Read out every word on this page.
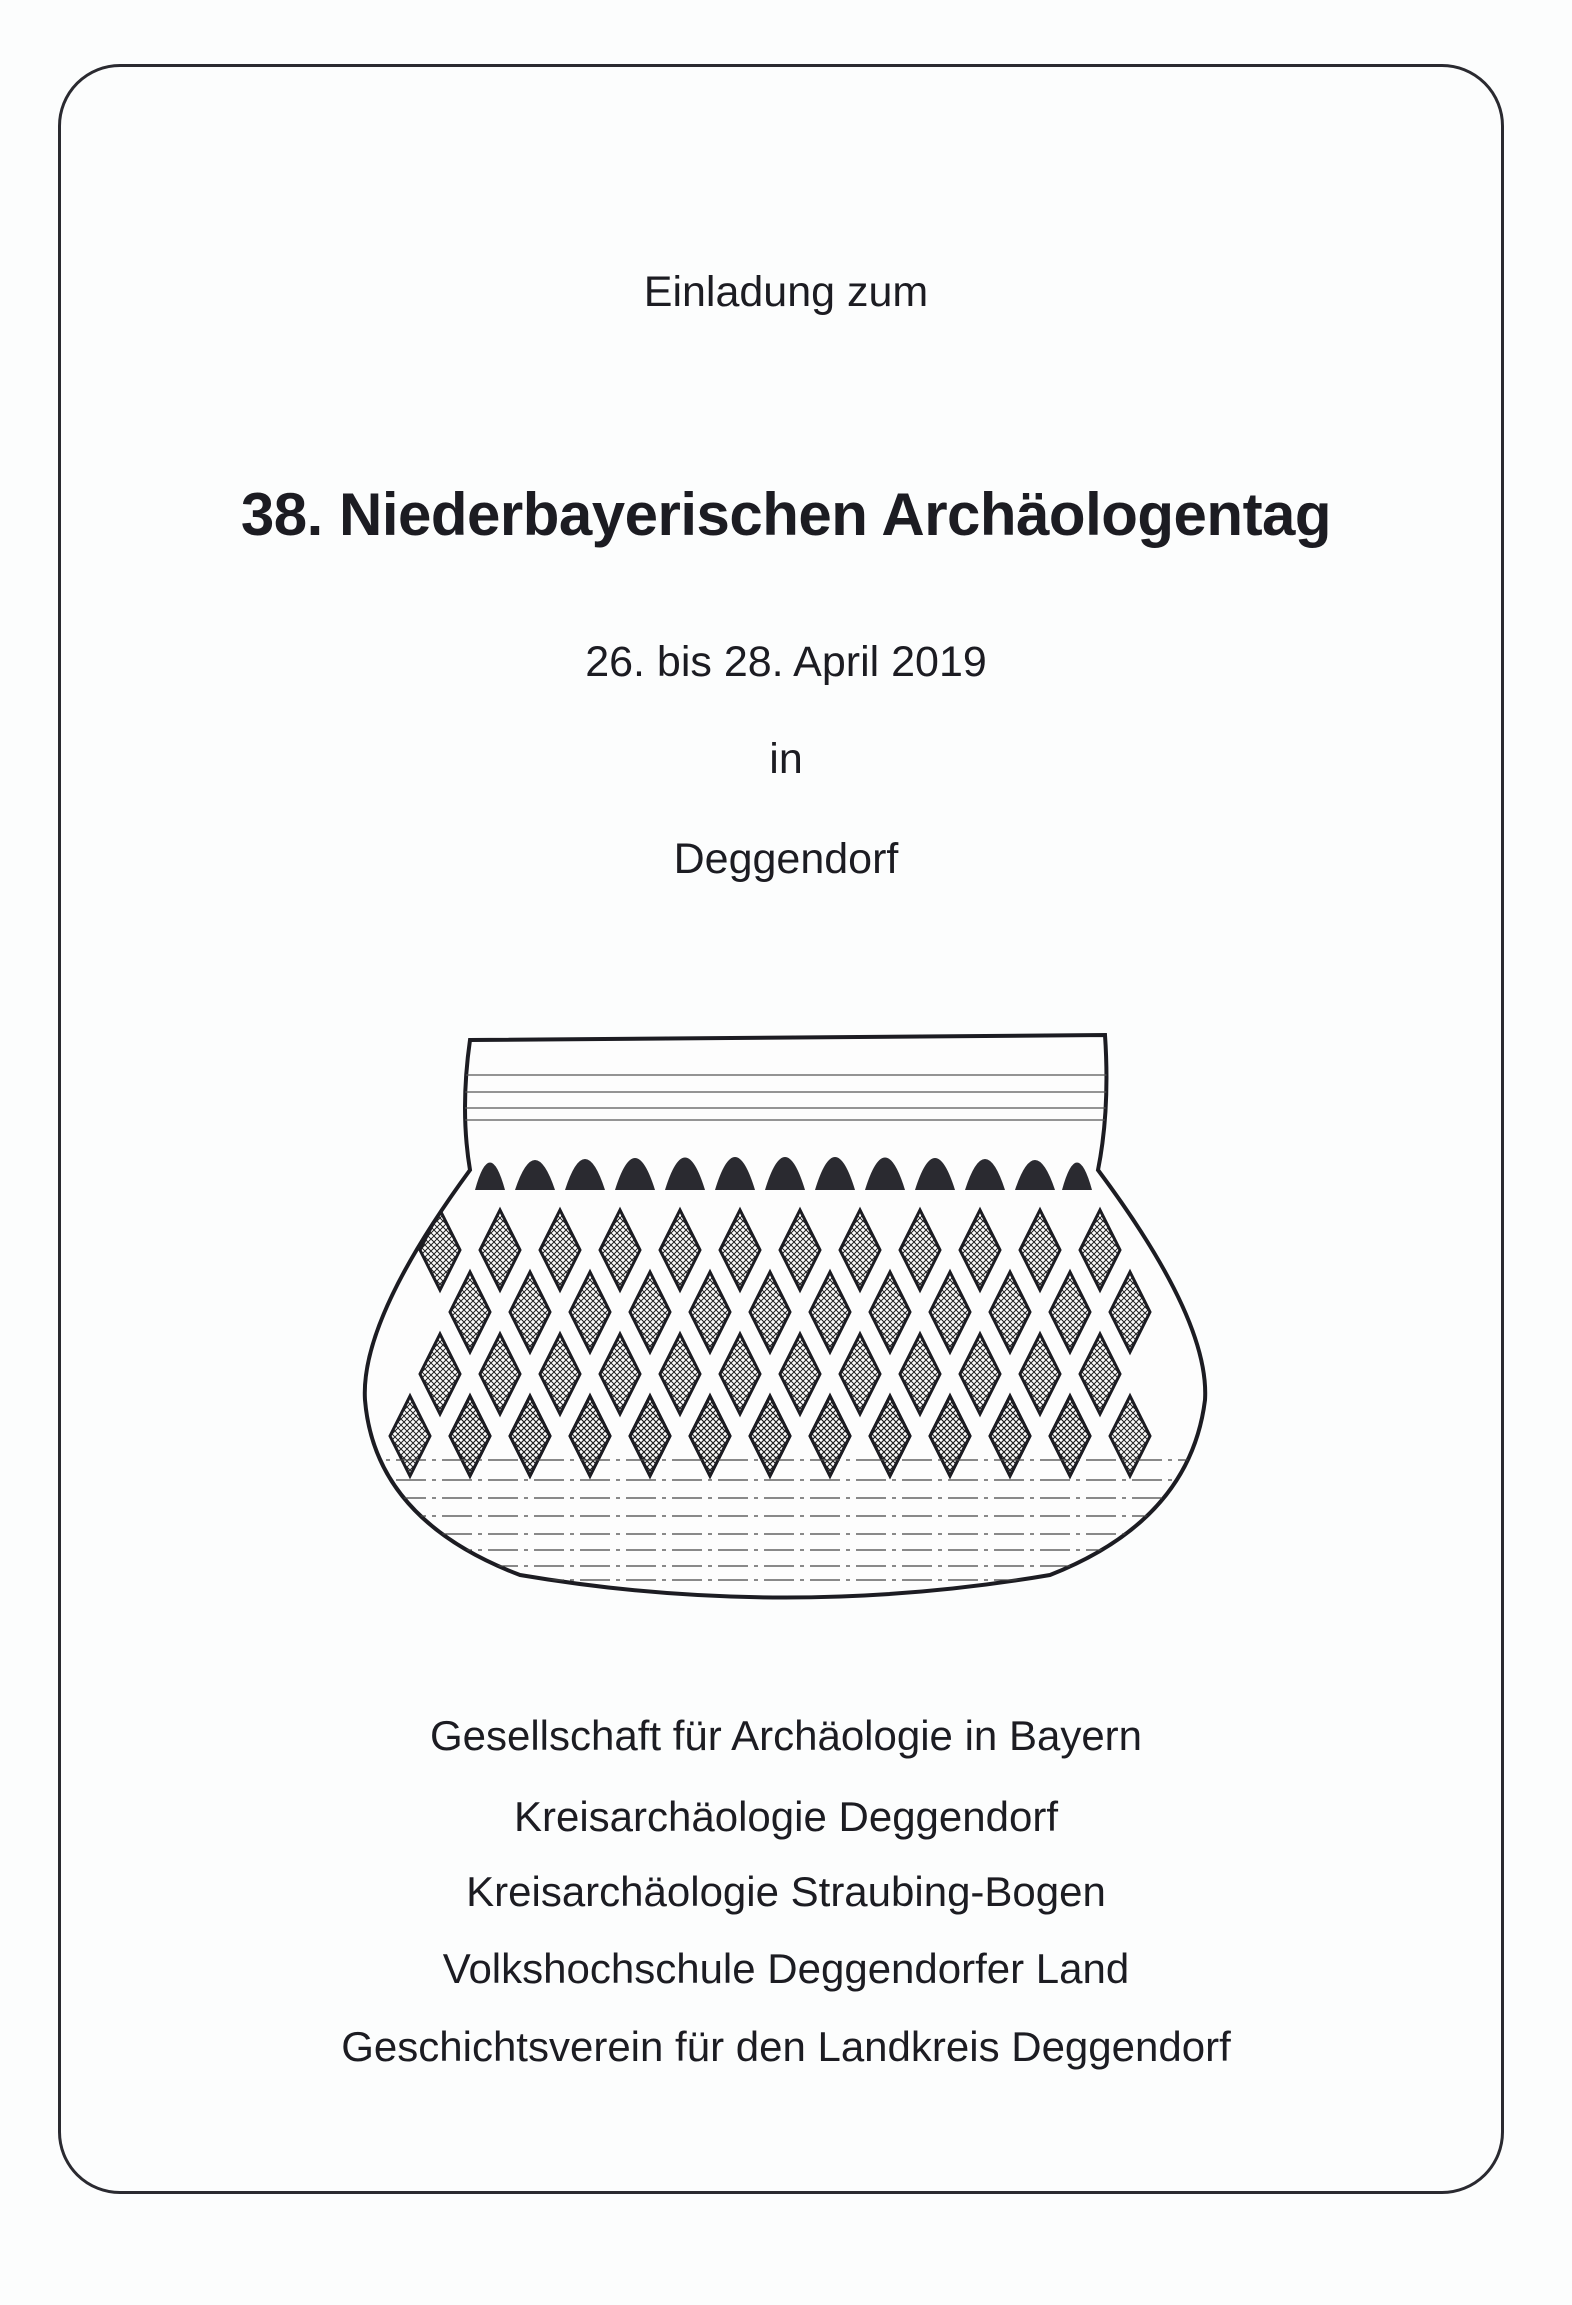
Einladung zum
38. Niederbayerischen Archäologentag
26. bis 28. April 2019
in
Deggendorf
Gesellschaft für Archäologie in Bayern
Kreisarchäologie Deggendorf
Kreisarchäologie Straubing-Bogen
Volkshochschule Deggendorfer Land
Geschichtsverein für den Landkreis Deggendorf
